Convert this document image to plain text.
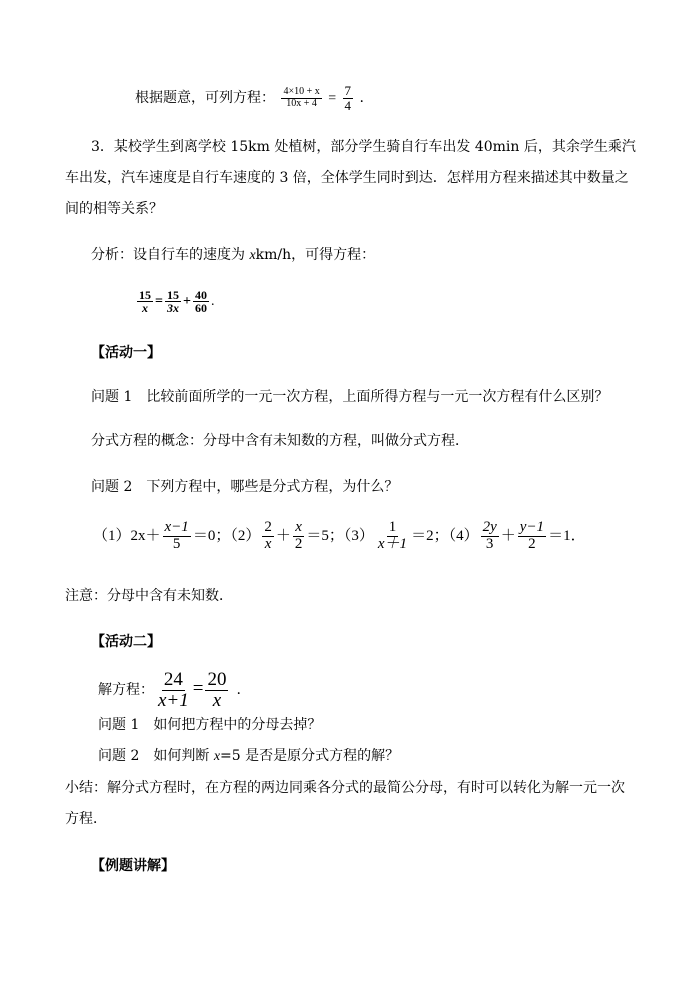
根据题意，可列方程： $\frac{4\times 10 + x}{10x + 4} = \frac{7}{4}$ .
3．某校学生到离学校 15km 处植树，部分学生骑自行车出发 40min 后，其余学生乘汽
车出发，汽车速度是自行车速度的 3 倍，全体学生同时到达．怎样用方程来描述其中数量之
间的相等关系？
分析：设自行车的速度为 xkm/h，可得方程：
$\frac{15}{x} = \frac{15}{3x} + \frac{40}{60}$ .
【活动一】
问题 1　比较前面所学的一元一次方程，上面所得方程与一元一次方程有什么区别？
分式方程的概念：分母中含有未知数的方程，叫做分式方程．
问题 2　下列方程中，哪些是分式方程，为什么？
$(1)2x+ \frac{x-1}{5} =0$；$(2) \frac{2}{x} + \frac{x}{2} =5$；$(3) \frac{1}{x+1} =2$；$(4) \frac{2y}{3} + \frac{y-1}{2} =1$．
注意：分母中含有未知数．
【活动二】
解方程： $\frac{24}{x+1} = \frac{20}{x}$ .
问题 1　如何把方程中的分母去掉？
问题 2　如何判断 x=5 是否是原分式方程的解？
小结：解分式方程时，在方程的两边同乘各分式的最简公分母，有时可以转化为解一元一次
方程．
【例题讲解】
